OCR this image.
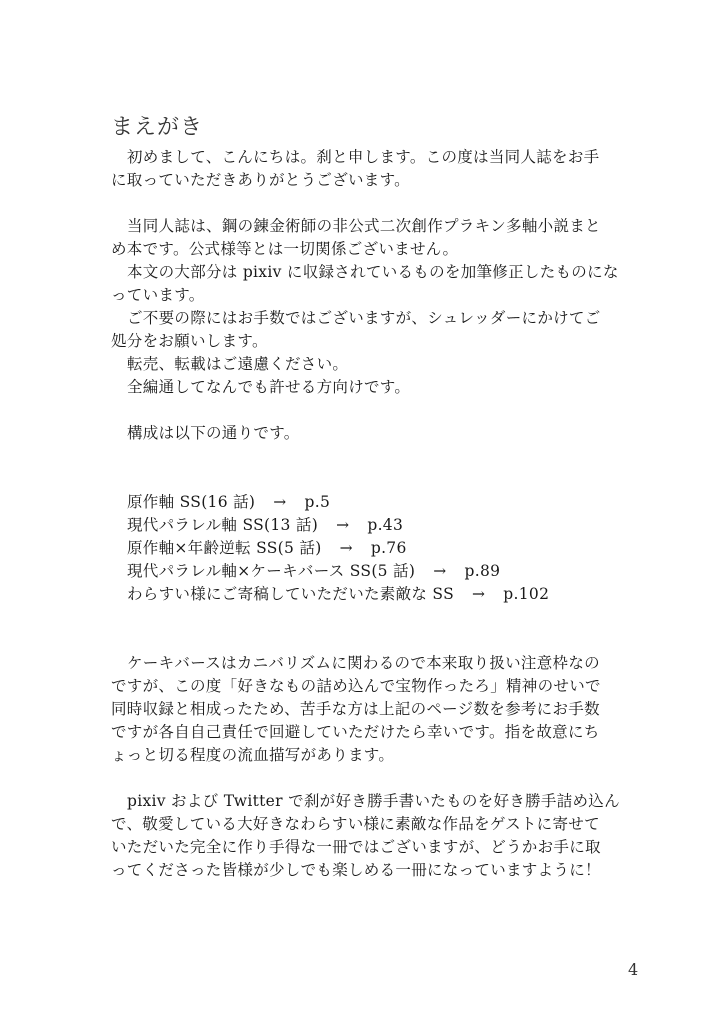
まえがき
初めまして、こんにちは。刹と申します。この度は当同人誌をお手
に取っていただきありがとうございます。
当同人誌は、鋼の錬金術師の非公式二次創作プラキン多軸小説まと
め本です。公式様等とは一切関係ございません。
本文の大部分は pixiv に収録されているものを加筆修正したものにな
っています。
ご不要の際にはお手数ではございますが、シュレッダーにかけてご
処分をお願いします。
転売、転載はご遠慮ください。
全編通してなんでも許せる方向けです。
構成は以下の通りです。
原作軸 SS(16 話) → p.5
現代パラレル軸 SS(13 話) → p.43
原作軸×年齢逆転 SS(5 話) → p.76
現代パラレル軸×ケーキバース SS(5 話) → p.89
わらすい様にご寄稿していただいた素敵な SS → p.102
ケーキバースはカニバリズムに関わるので本来取り扱い注意枠なの
ですが、この度「好きなもの詰め込んで宝物作ったろ」精神のせいで
同時収録と相成ったため、苦手な方は上記のページ数を参考にお手数
ですが各自自己責任で回避していただけたら幸いです。指を故意にち
ょっと切る程度の流血描写があります。
pixiv および Twitter で刹が好き勝手書いたものを好き勝手詰め込ん
で、敬愛している大好きなわらすい様に素敵な作品をゲストに寄せて
いただいた完全に作り手得な一冊ではございますが、どうかお手に取
ってくださった皆様が少しでも楽しめる一冊になっていますように！
4
